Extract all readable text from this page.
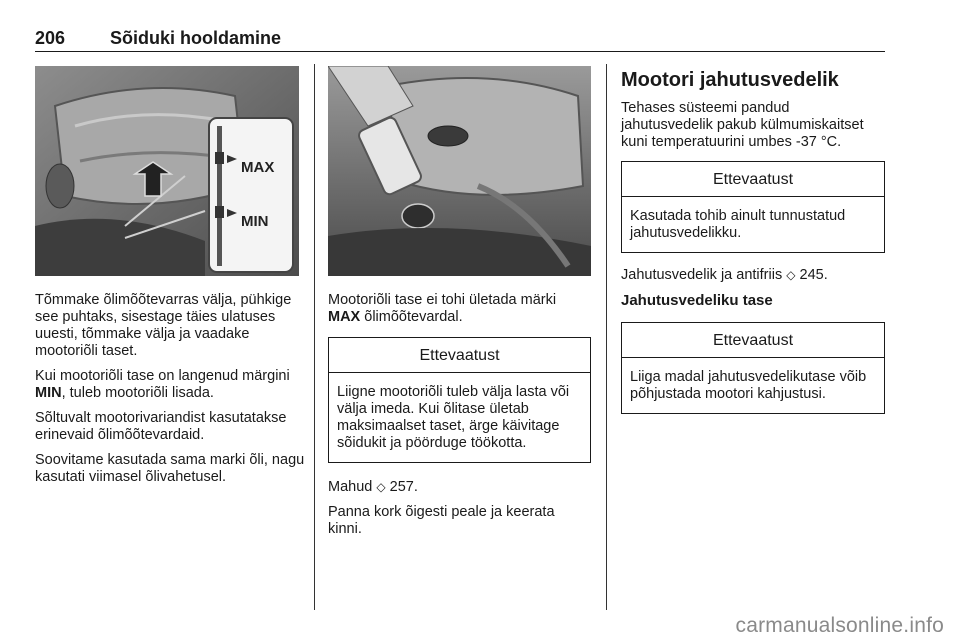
206 Sõiduki hooldamine
MAX
MIN

Tõmmake õlimõõtevarras välja, pühkige see puhtaks, sisestage täies ulatuses uuesti, tõmmake välja ja vaadake mootoriõli taset.

Kui mootoriõli tase on langenud märgini MIN, tuleb mootoriõli lisada.

Sõltuvalt mootorivariandist kasutatakse erinevaid õlimõõtevardaid.

Soovitame kasutada sama marki õli, nagu kasutati viimasel õlivahetusel.

Mootoriõli tase ei tohi ületada märki MAX õlimõõtevardal.

Ettevaatust
Liigne mootoriõli tuleb välja lasta või välja imeda. Kui õlitase ületab maksimaalset taset, ärge käivitage sõidukit ja pöörduge töökotta.

Mahud ◇ 257.

Panna kork õigesti peale ja keerata kinni.

Mootori jahutusvedelik

Tehases süsteemi pandud jahutusvedelik pakub külmumiskaitset kuni temperatuurini umbes -37 °C.

Ettevaatust
Kasutada tohib ainult tunnustatud jahutusvedelikku.

Jahutusvedelik ja antifriis ◇ 245.

Jahutusvedeliku tase
Ettevaatust
Liiga madal jahutusvedelikutase võib põhjustada mootori kahjustusi.
carmanualsonline.info
